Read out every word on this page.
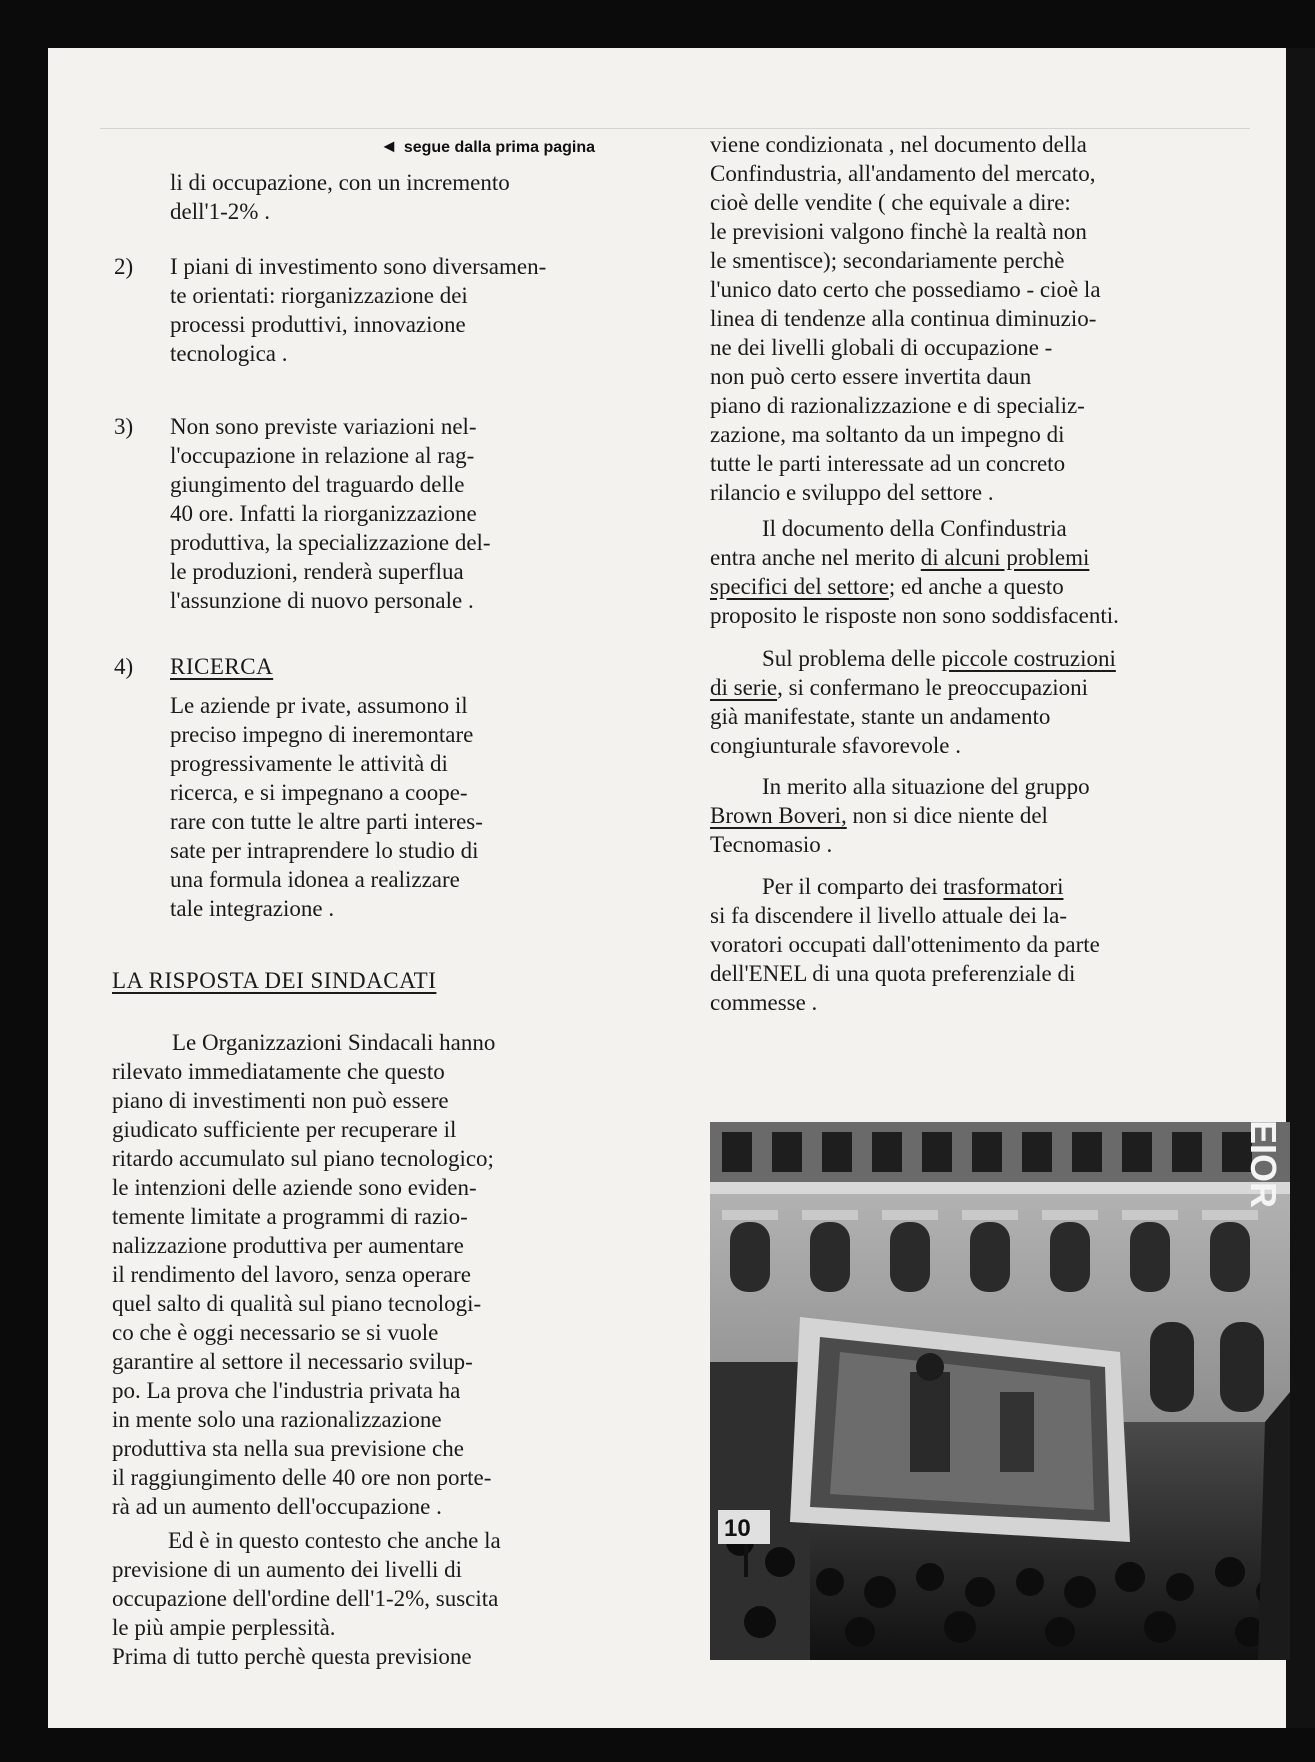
◄ segue dalla prima pagina

li di occupazione, con un incremento

dell'1-2% .

2) I piani di investimento sono diversamen-

te orientati: riorganizzazione dei

processi produttivi, innovazione

tecnologica .

3) Non sono previste variazioni nel-

l'occupazione in relazione al rag-

giungimento del traguardo delle

40 ore. Infatti la riorganizzazione

produttiva, la specializzazione del-

le produzioni, renderà superflua

l'assunzione di nuovo personale .

4) RICERCA

Le aziende pr ivate, assumono il

preciso impegno di ineremontare

progressivamente le attività di

ricerca, e si impegnano a coope-

rare con tutte le altre parti interes-

sate per intraprendere lo studio di

una formula idonea a realizzare

tale integrazione .

LA RISPOSTA DEI SINDACATI

Le Organizzazioni Sindacali hanno

rilevato immediatamente che questo

piano di investimenti non può essere

giudicato sufficiente per recuperare il

ritardo accumulato sul piano tecnologico;

le intenzioni delle aziende sono eviden-

temente limitate a programmi di razio-

nalizzazione produttiva per aumentare

il rendimento del lavoro, senza operare

quel salto di qualità sul piano tecnologi-

co che è oggi necessario se si vuole

garantire al settore il necessario svilup-

po. La prova che l'industria privata ha

in mente solo una razionalizzazione

produttiva sta nella sua previsione che

il raggiungimento delle 40 ore non porte-

rà ad un aumento dell'occupazione .

Ed è in questo contesto che anche la

previsione di un aumento dei livelli di

occupazione dell'ordine dell'1-2%, suscita

le più ampie perplessità.

Prima di tutto perchè questa previsione

viene condizionata , nel documento della

Confindustria, all'andamento del mercato,

cioè delle vendite ( che equivale a dire:

le previsioni valgono finchè la realtà non

le smentisce); secondariamente perchè

l'unico dato certo che possediamo - cioè la

linea di tendenze alla continua diminuzio-

ne dei livelli globali di occupazione -

non può certo essere invertita daun

piano di razionalizzazione e di specializ-

zazione, ma soltanto da un impegno di

tutte le parti interessate ad un concreto

rilancio e sviluppo del settore .

Il documento della Confindustria

entra anche nel merito di alcuni problemi

specifici del settore; ed anche a questo

proposito le risposte non sono soddisfacenti.

Sul problema delle piccole costruzioni

di serie, si confermano le preoccupazioni

già manifestate, stante un andamento

congiunturale sfavorevole .

In merito alla situazione del gruppo

Brown Boveri, non si dice niente del

Tecnomasio .

Per il comparto dei trasformatori

si fa discendere il livello attuale dei la-

voratori occupati dall'ottenimento da parte

dell'ENEL di una quota preferenziale di

commesse .

10
EIOR
